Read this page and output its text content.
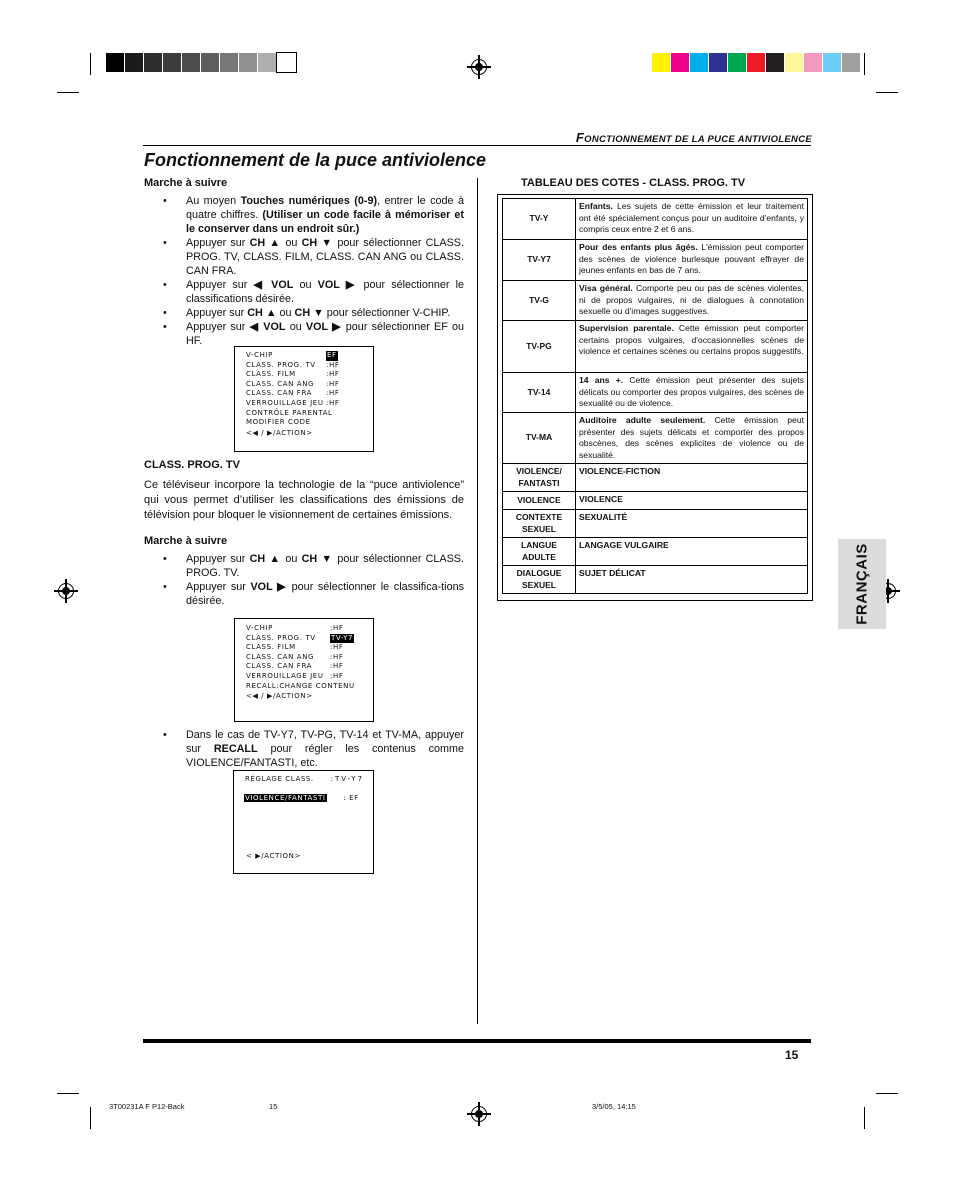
FONCTIONNEMENT DE LA PUCE ANTIVIOLENCE
Fonctionnement de la puce antiviolence

Marche à suivre

• Au moyen Touches numériques (0-9), entrer le code à quatre chiffres. (Utiliser un code facile à mémoriser et le conserver dans un endroit sûr.)
• Appuyer sur CH ▲ ou CH ▼ pour sélectionner CLASS. PROG. TV, CLASS. FILM, CLASS. CAN ANG ou CLASS. CAN FRA.
• Appuyer sur ◀ VOL ou VOL ▶ pour sélectionner le classifications désirée.
• Appuyer sur CH ▲ ou CH ▼ pour sélectionner V-CHIP.
• Appuyer sur ◀ VOL ou VOL ▶ pour sélectionner EF ou HF.
V-CHIP	EF
CLASS. PROG. TV	:HF
CLASS. FILM	:HF
CLASS. CAN ANG	:HF
CLASS. CAN FRA	:HF
VERROUILLAGE JEU :HF
CONTRÔLE PARENTAL
MODIFIER CODE
<◀ / ▶/ACTION>

CLASS. PROG. TV

Ce téléviseur incorpore la technologie de la “puce antiviolence” qui vous permet d’utiliser les classifications des émissions de télévision pour bloquer le visionnement de certaines émissions.

Marche à suivre

• Appuyer sur CH ▲ ou CH ▼ pour sélectionner CLASS. PROG. TV.
• Appuyer sur VOL ▶ pour sélectionner le classifica-tions désirée.
V-CHIP	:HF
CLASS. PROG. TV	TV-Y7
CLASS. FILM	:HF
CLASS. CAN ANG	:HF
CLASS. CAN FRA	:HF
VERROUILLAGE JEU :HF
RECALL:CHANGE CONTENU
<◀ / ▶/ACTION>
• Dans le cas de TV-Y7, TV-PG, TV-14 et TV-MA, appuyer sur RECALL pour régler les contenus comme VIOLENCE/FANTASTI, etc.
RÉGLAGE CLASS. :TV-Y7
VIOLENCE/FANTASTI	: EF
< ▶/ACTION>
TABLEAU DES COTES - CLASS. PROG. TV
TV-Y	Enfants. Les sujets de cette émission et leur traitement ont été spécialement conçus pour un auditoire d'enfants, y compris ceux entre 2 et 6 ans.
TV-Y7	Pour des enfants plus âgés. L'émission peut comporter des scènes de violence burlesque pouvant effrayer de jeunes enfants en bas de 7 ans.
TV-G	Visa général. Comporte peu ou pas de scènes violentes, ni de propos vulgaires, ni de dialogues à connotation sexuelle ou d'images suggestives.
TV-PG	Supervision parentale. Cette émission peut comporter certains propos vulgaires, d'occasionnelles scènes de violence et certaines scènes ou certains propos suggestifs.
TV-14	14 ans +. Cette émission peut présenter des sujets délicats ou comporter des propos vulgaires, des scènes de sexualité ou de violence.
TV-MA	Auditoire adulte seulement. Cette émission peut présenter des sujets délicats et comporter des propos obscènes, des scènes explicites de violence ou de sexualité.
VIOLENCE/ FANTASTI	VIOLENCE-FICTION
VIOLENCE	VIOLENCE
CONTEXTE SEXUEL	SEXUALITÉ
LANGUE ADULTE	LANGAGE VULGAIRE
DIALOGUE SEXUEL	SUJET DÉLICAT	FRANÇAIS
15
3T00231A F P12-Back	15	3/5/05, 14:15
